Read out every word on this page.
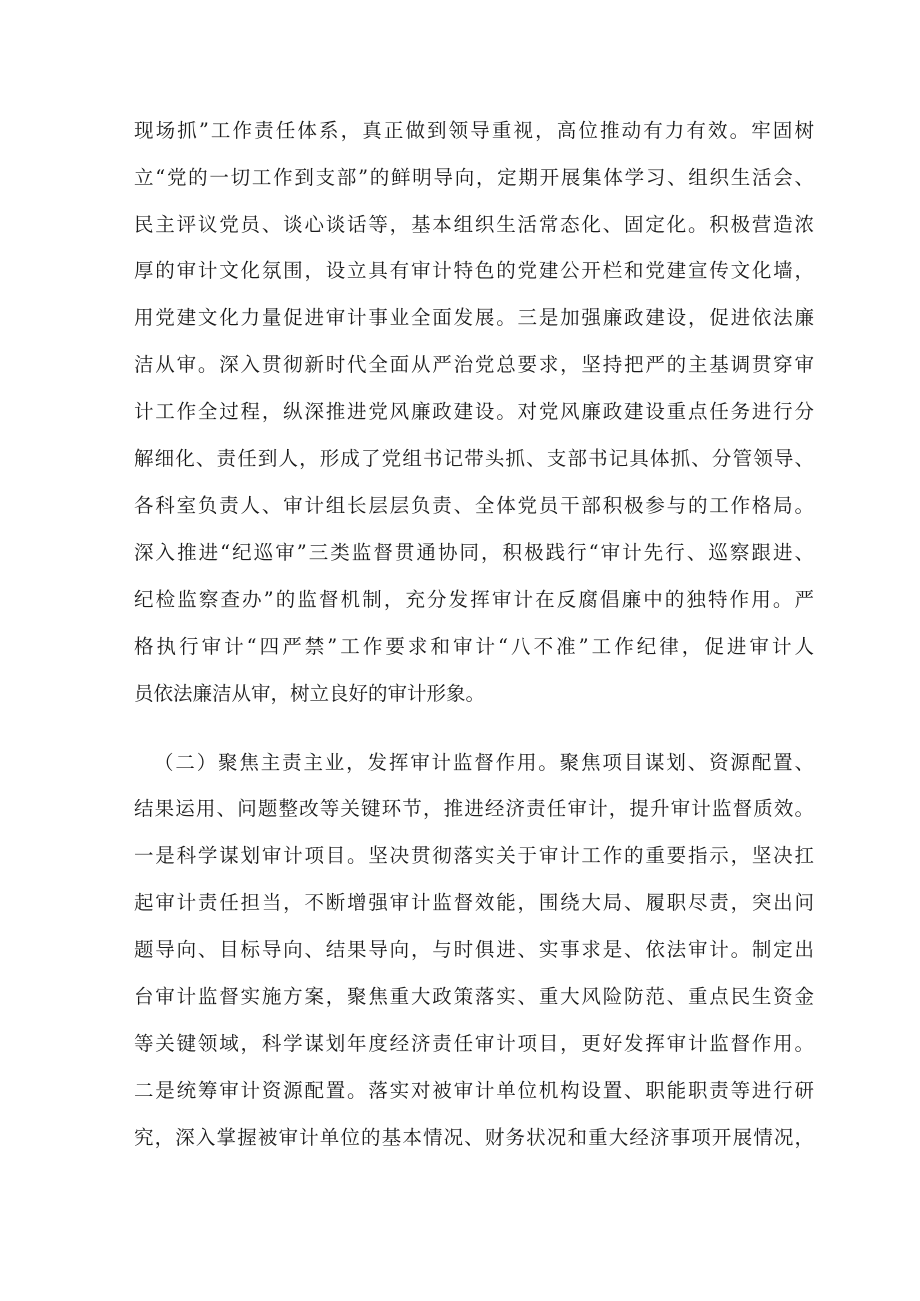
现场抓”工作责任体系，真正做到领导重视，高位推动有力有效。牢固树
立“党的一切工作到支部”的鲜明导向，定期开展集体学习、组织生活会、
民主评议党员、谈心谈话等，基本组织生活常态化、固定化。积极营造浓
厚的审计文化氛围，设立具有审计特色的党建公开栏和党建宣传文化墙，
用党建文化力量促进审计事业全面发展。三是加强廉政建设，促进依法廉
洁从审。深入贯彻新时代全面从严治党总要求，坚持把严的主基调贯穿审
计工作全过程，纵深推进党风廉政建设。对党风廉政建设重点任务进行分
解细化、责任到人，形成了党组书记带头抓、支部书记具体抓、分管领导、
各科室负责人、审计组长层层负责、全体党员干部积极参与的工作格局。
深入推进“纪巡审”三类监督贯通协同，积极践行“审计先行、巡察跟进、
纪检监察查办”的监督机制，充分发挥审计在反腐倡廉中的独特作用。严
格执行审计“四严禁”工作要求和审计“八不准”工作纪律，促进审计人
员依法廉洁从审，树立良好的审计形象。
（二）聚焦主责主业，发挥审计监督作用。聚焦项目谋划、资源配置、
结果运用、问题整改等关键环节，推进经济责任审计，提升审计监督质效。
一是科学谋划审计项目。坚决贯彻落实关于审计工作的重要指示，坚决扛
起审计责任担当，不断增强审计监督效能，围绕大局、履职尽责，突出问
题导向、目标导向、结果导向，与时俱进、实事求是、依法审计。制定出
台审计监督实施方案，聚焦重大政策落实、重大风险防范、重点民生资金
等关键领域，科学谋划年度经济责任审计项目，更好发挥审计监督作用。
二是统筹审计资源配置。落实对被审计单位机构设置、职能职责等进行研
究，深入掌握被审计单位的基本情况、财务状况和重大经济事项开展情况，
